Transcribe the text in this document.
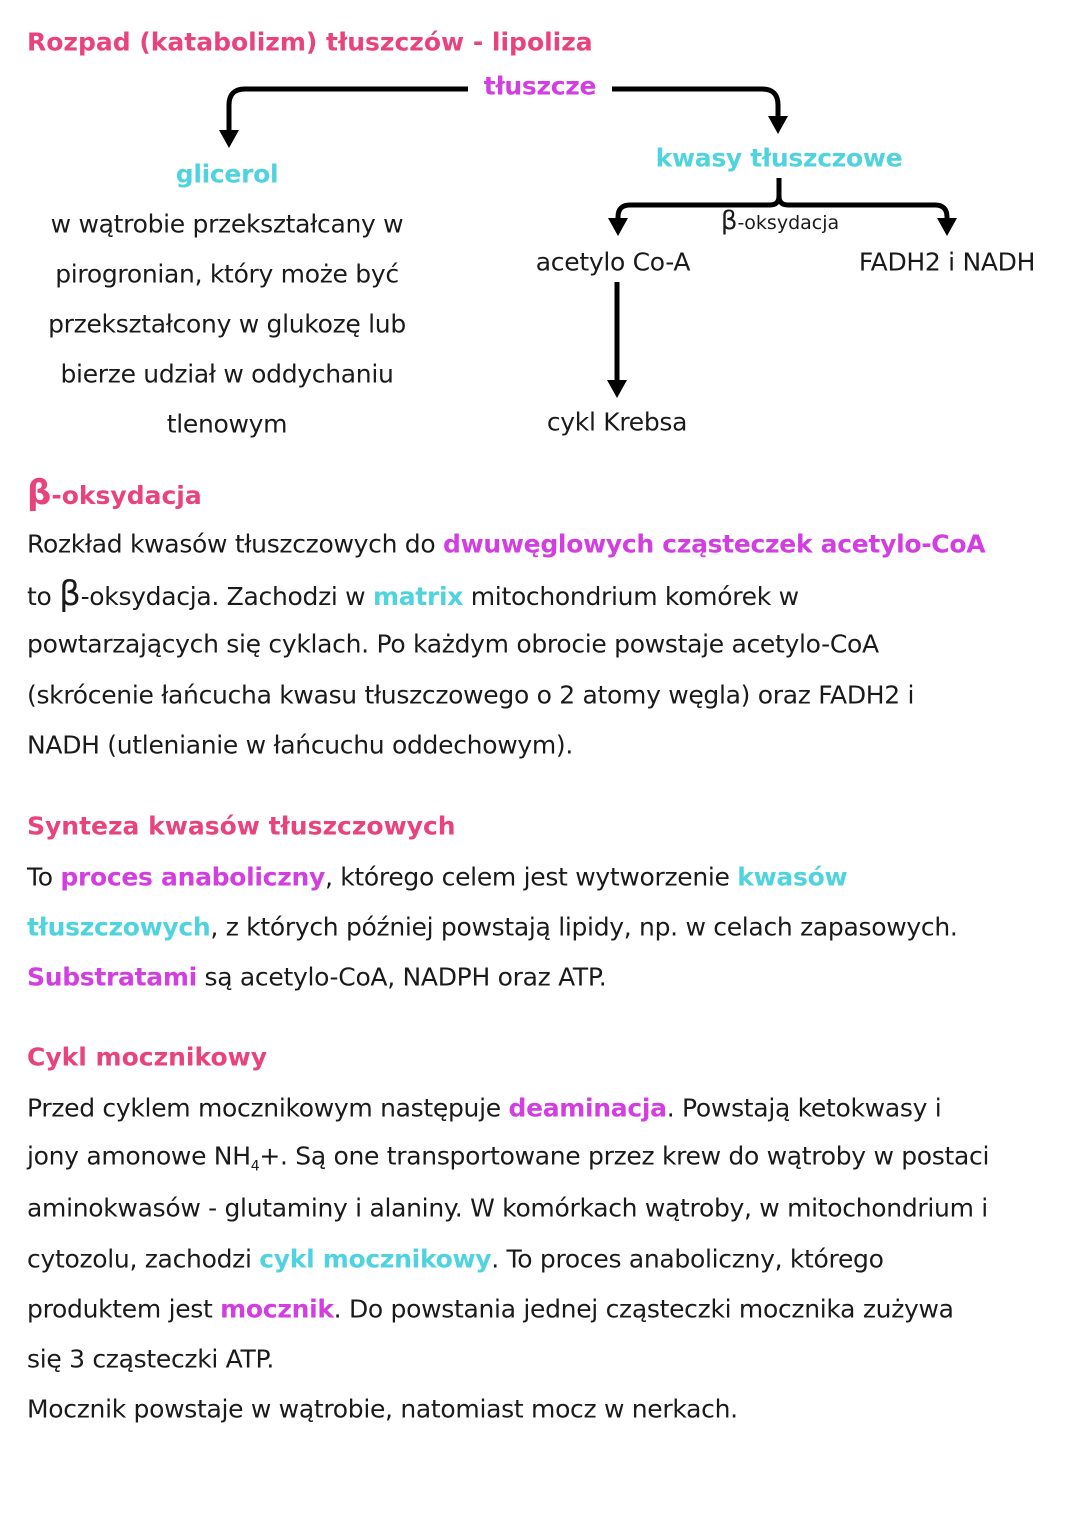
Rozpad (katabolizm) tłuszczów - lipoliza
tłuszcze
glicerol
w wątrobie przekształcany w
pirogronian, który może być
przekształcony w glukozę lub
bierze udział w oddychaniu
tlenowym
kwasy tłuszczowe
β-oksydacja
acetylo Co-A	FADH2 i NADH
cykl Krebsa
β-oksydacja
Rozkład kwasów tłuszczowych do dwuwęglowych cząsteczek acetylo-CoA
to β-oksydacja. Zachodzi w matrix mitochondrium komórek w
powtarzających się cyklach. Po każdym obrocie powstaje acetylo-CoA
(skrócenie łańcucha kwasu tłuszczowego o 2 atomy węgla) oraz FADH2 i
NADH (utlenianie w łańcuchu oddechowym).
Synteza kwasów tłuszczowych
To proces anaboliczny, którego celem jest wytworzenie kwasów
tłuszczowych, z których później powstają lipidy, np. w celach zapasowych.
Substratami są acetylo-CoA, NADPH oraz ATP.
Cykl mocznikowy
Przed cyklem mocznikowym następuje deaminacja. Powstają ketokwasy i
jony amonowe $NH_4+$. Są one transportowane przez krew do wątroby w postaci
aminokwasów - glutaminy i alaniny. W komórkach wątroby, w mitochondrium i
cytozolu, zachodzi cykl mocznikowy. To proces anaboliczny, którego
produktem jest mocznik. Do powstania jednej cząsteczki mocznika zużywa
się 3 cząsteczki ATP.
Mocznik powstaje w wątrobie, natomiast mocz w nerkach.
